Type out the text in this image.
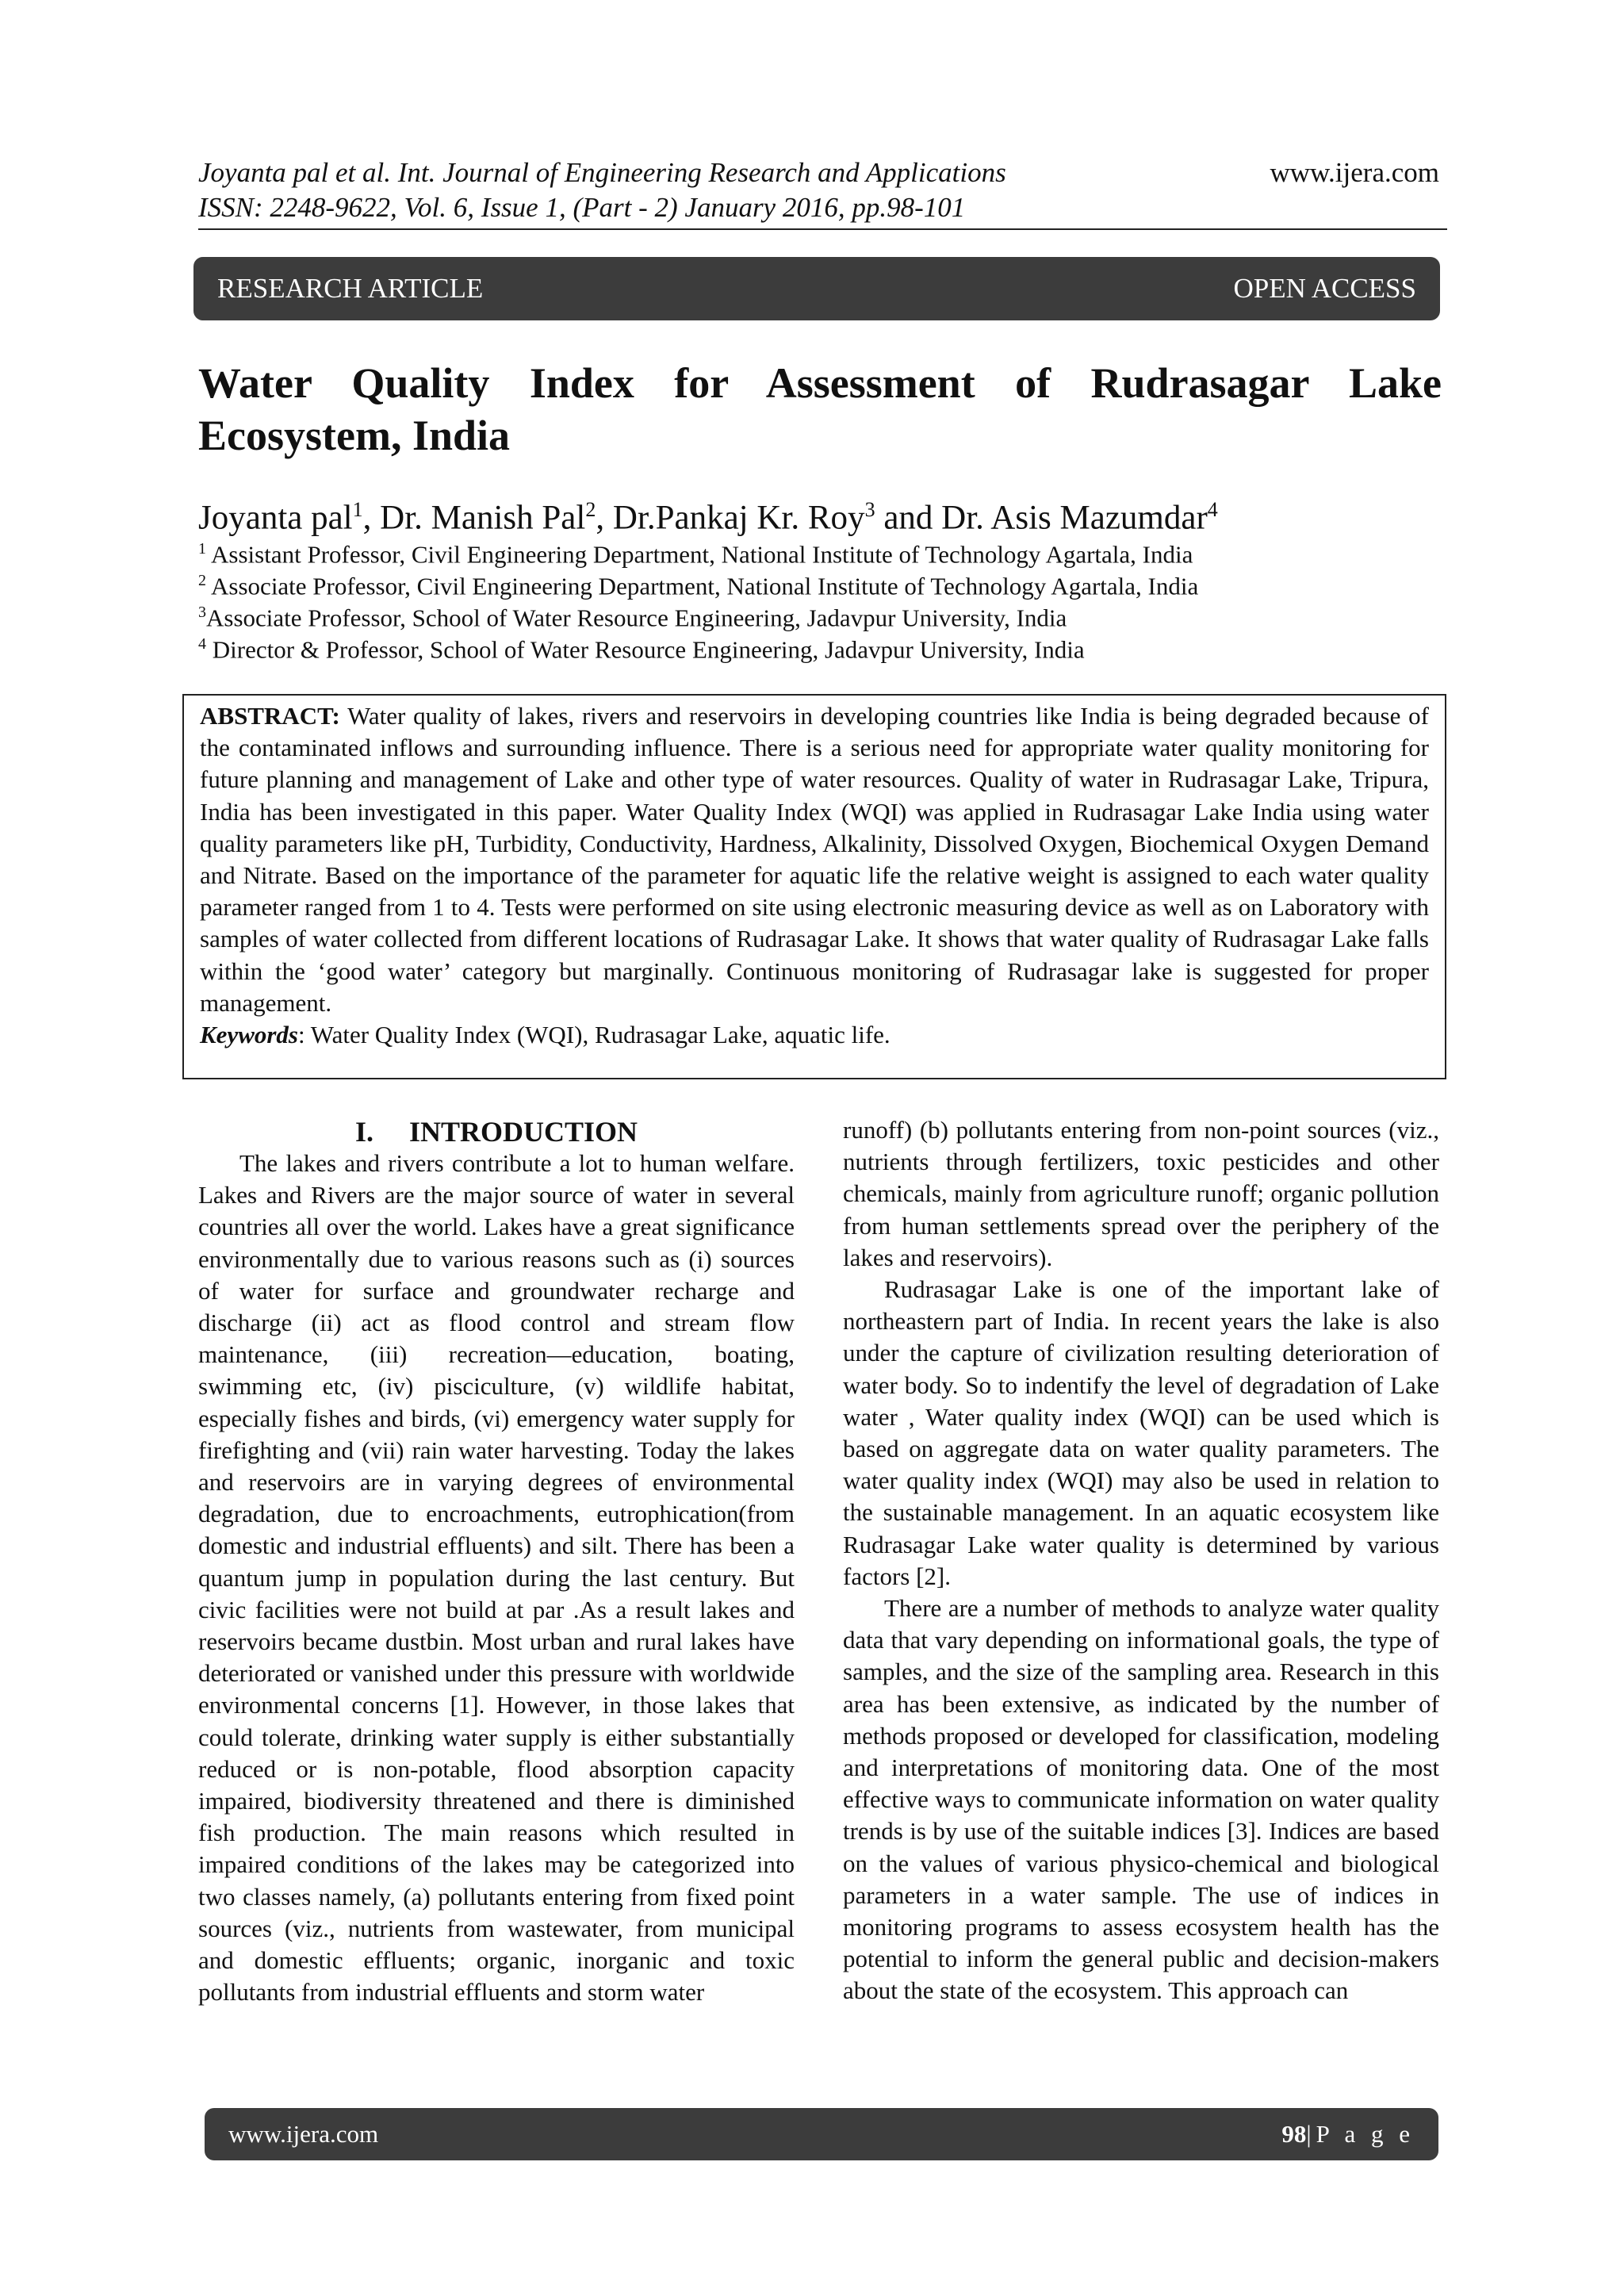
Joyanta pal et al. Int. Journal of Engineering Research and Applications
ISSN: 2248-9622, Vol. 6, Issue 1, (Part - 2) January 2016, pp.98-101
www.ijera.com
RESEARCH ARTICLE	OPEN ACCESS
Water Quality Index for Assessment of Rudrasagar Lake
Ecosystem, India
Joyanta pal$^1$, Dr. Manish Pal$^2$, Dr.Pankaj Kr. Roy$^3$ and Dr. Asis Mazumdar$^4$
$^1$ Assistant Professor, Civil Engineering Department, National Institute of Technology Agartala, India
$^2$ Associate Professor, Civil Engineering Department, National Institute of Technology Agartala, India
$^3$Associate Professor, School of Water Resource Engineering, Jadavpur University, India
$^4$ Director & Professor, School of Water Resource Engineering, Jadavpur University, India

ABSTRACT: Water quality of lakes, rivers and reservoirs in developing countries like India is being degraded because of the contaminated inflows and surrounding influence. There is a serious need for appropriate water quality monitoring for future planning and management of Lake and other type of water resources. Quality of water in Rudrasagar Lake, Tripura, India has been investigated in this paper. Water Quality Index (WQI) was applied in Rudrasagar Lake India using water quality parameters like pH, Turbidity, Conductivity, Hardness, Alkalinity, Dissolved Oxygen, Biochemical Oxygen Demand and Nitrate. Based on the importance of the parameter for aquatic life the relative weight is assigned to each water quality parameter ranged from 1 to 4. Tests were performed on site using electronic measuring device as well as on Laboratory with samples of water collected from different locations of Rudrasagar Lake. It shows that water quality of Rudrasagar Lake falls within the ‘good water’ category but marginally. Continuous monitoring of Rudrasagar lake is suggested for proper management.

Keywords: Water Quality Index (WQI), Rudrasagar Lake, aquatic life.

I. INTRODUCTION

The lakes and rivers contribute a lot to human welfare. Lakes and Rivers are the major source of water in several countries all over the world. Lakes have a great significance environmentally due to various reasons such as (i) sources of water for surface and groundwater recharge and discharge (ii) act as flood control and stream flow maintenance, (iii) recreation—education, boating, swimming etc, (iv) pisciculture, (v) wildlife habitat, especially fishes and birds, (vi) emergency water supply for firefighting and (vii) rain water harvesting. Today the lakes and reservoirs are in varying degrees of environmental degradation, due to encroachments, eutrophication(from domestic and industrial effluents) and silt. There has been a quantum jump in population during the last century. But civic facilities were not build at par .As a result lakes and reservoirs became dustbin. Most urban and rural lakes have deteriorated or vanished under this pressure with worldwide environmental concerns [1]. However, in those lakes that could tolerate, drinking water supply is either substantially reduced or is non-potable, flood absorption capacity impaired, biodiversity threatened and there is diminished fish production. The main reasons which resulted in impaired conditions of the lakes may be categorized into two classes namely, (a) pollutants entering from fixed point sources (viz., nutrients from wastewater, from municipal and domestic effluents; organic, inorganic and toxic pollutants from industrial effluents and storm water

runoff) (b) pollutants entering from non-point sources (viz., nutrients through fertilizers, toxic pesticides and other chemicals, mainly from agriculture runoff; organic pollution from human settlements spread over the periphery of the lakes and reservoirs).

Rudrasagar Lake is one of the important lake of northeastern part of India. In recent years the lake is also under the capture of civilization resulting deterioration of water body. So to indentify the level of degradation of Lake water , Water quality index (WQI) can be used which is based on aggregate data on water quality parameters. The water quality index (WQI) may also be used in relation to the sustainable management. In an aquatic ecosystem like Rudrasagar Lake water quality is determined by various factors [2].

There are a number of methods to analyze water quality data that vary depending on informational goals, the type of samples, and the size of the sampling area. Research in this area has been extensive, as indicated by the number of methods proposed or developed for classification, modeling and interpretations of monitoring data. One of the most effective ways to communicate information on water quality trends is by use of the suitable indices [3]. Indices are based on the values of various physico-chemical and biological parameters in a water sample. The use of indices in monitoring programs to assess ecosystem health has the potential to inform the general public and decision-makers about the state of the ecosystem. This approach can

www.ijera.com	98|P a g e
